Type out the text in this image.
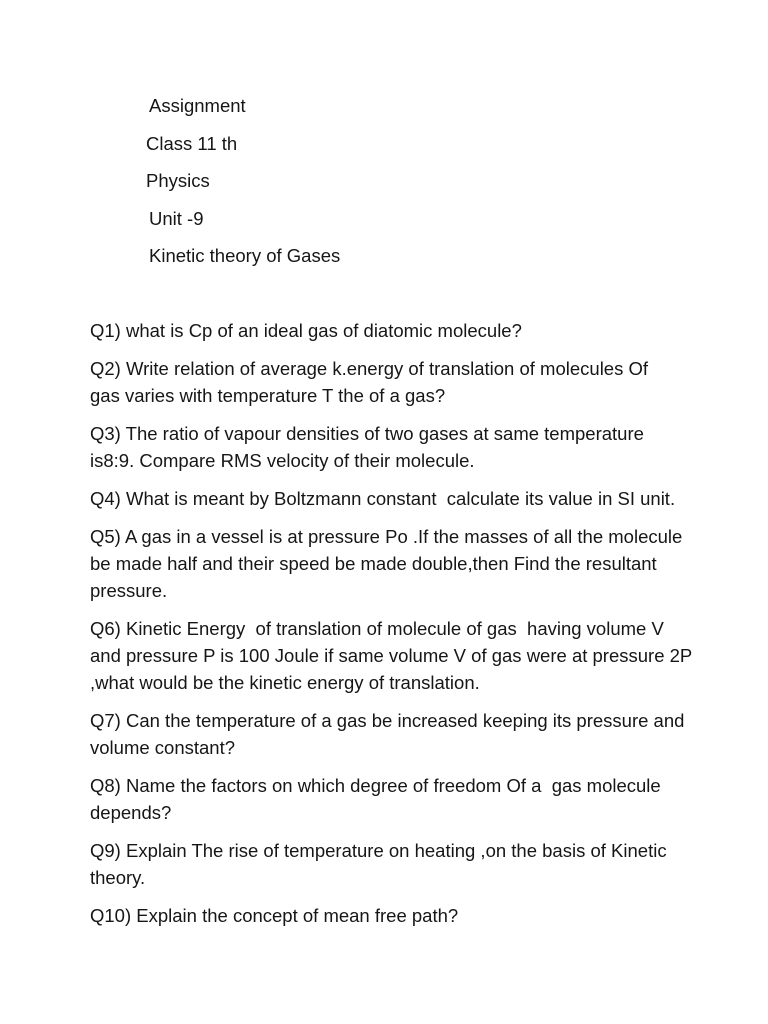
Assignment
Class 11 th
Physics
Unit -9
Kinetic theory of Gases
Q1) what is Cp of an ideal gas of diatomic molecule?
Q2) Write relation of average k.energy of translation of molecules Of
gas varies with temperature T the of a gas?
Q3) The ratio of vapour densities of two gases at same temperature
is8:9. Compare RMS velocity of their molecule.
Q4) What is meant by Boltzmann constant  calculate its value in SI unit.
Q5) A gas in a vessel is at pressure Po .If the masses of all the molecule
be made half and their speed be made double,then Find the resultant
pressure.
Q6) Kinetic Energy  of translation of molecule of gas  having volume V
and pressure P is 100 Joule if same volume V of gas were at pressure 2P
,what would be the kinetic energy of translation.
Q7) Can the temperature of a gas be increased keeping its pressure and
volume constant?
Q8) Name the factors on which degree of freedom Of a  gas molecule
depends?
Q9) Explain The rise of temperature on heating ,on the basis of Kinetic
theory.
Q10) Explain the concept of mean free path?
